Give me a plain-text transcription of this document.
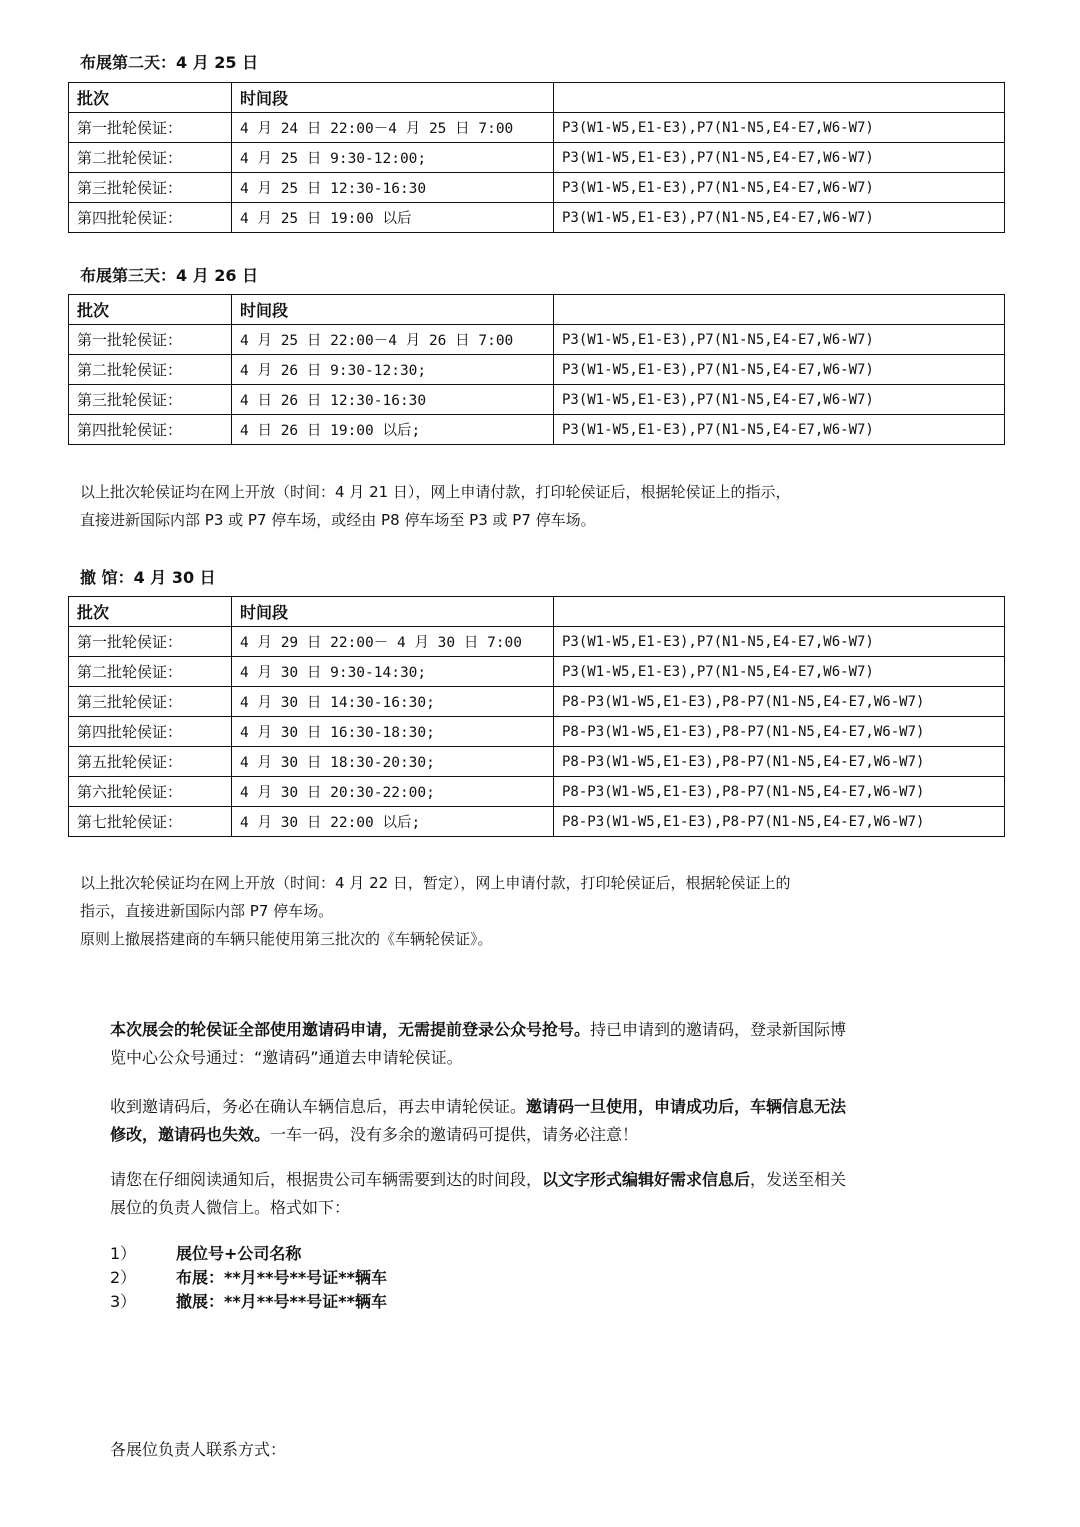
布展第二天：4 月 25 日
批次	时间段	
第一批轮侯证：	4 月 24 日 22:00－4 月 25 日 7:00	P3(W1-W5,E1-E3),P7(N1-N5,E4-E7,W6-W7)
第二批轮侯证：	4 月 25 日 9:30-12:00;	P3(W1-W5,E1-E3),P7(N1-N5,E4-E7,W6-W7)
第三批轮侯证：	4 月 25 日 12:30-16:30	P3(W1-W5,E1-E3),P7(N1-N5,E4-E7,W6-W7)
第四批轮侯证：	4 月 25 日 19:00 以后	P3(W1-W5,E1-E3),P7(N1-N5,E4-E7,W6-W7)
布展第三天：4 月 26 日
批次	时间段	
第一批轮侯证：	4 月 25 日 22:00－4 月 26 日 7:00	P3(W1-W5,E1-E3),P7(N1-N5,E4-E7,W6-W7)
第二批轮侯证：	4 月 26 日 9:30-12:30;	P3(W1-W5,E1-E3),P7(N1-N5,E4-E7,W6-W7)
第三批轮侯证：	4 日 26 日 12:30-16:30	P3(W1-W5,E1-E3),P7(N1-N5,E4-E7,W6-W7)
第四批轮侯证：	4 日 26 日 19:00 以后;	P3(W1-W5,E1-E3),P7(N1-N5,E4-E7,W6-W7)
以上批次轮侯证均在网上开放（时间：4 月 21 日），网上申请付款，打印轮侯证后，根据轮侯证上的指示，
直接进新国际内部 P3 或 P7 停车场，或经由 P8 停车场至 P3 或 P7 停车场。
撤 馆：4 月 30 日
批次	时间段	
第一批轮侯证：	4 月 29 日 22:00－ 4 月 30 日 7:00	P3(W1-W5,E1-E3),P7(N1-N5,E4-E7,W6-W7)
第二批轮侯证：	4 月 30 日 9:30-14:30;	P3(W1-W5,E1-E3),P7(N1-N5,E4-E7,W6-W7)
第三批轮侯证：	4 月 30 日 14:30-16:30;	P8-P3(W1-W5,E1-E3),P8-P7(N1-N5,E4-E7,W6-W7)
第四批轮侯证：	4 月 30 日 16:30-18:30;	P8-P3(W1-W5,E1-E3),P8-P7(N1-N5,E4-E7,W6-W7)
第五批轮侯证：	4 月 30 日 18:30-20:30;	P8-P3(W1-W5,E1-E3),P8-P7(N1-N5,E4-E7,W6-W7)
第六批轮侯证：	4 月 30 日 20:30-22:00;	P8-P3(W1-W5,E1-E3),P8-P7(N1-N5,E4-E7,W6-W7)
第七批轮侯证：	4 月 30 日 22:00 以后;	P8-P3(W1-W5,E1-E3),P8-P7(N1-N5,E4-E7,W6-W7)
以上批次轮侯证均在网上开放（时间：4 月 22 日，暂定），网上申请付款，打印轮侯证后，根据轮侯证上的
指示，直接进新国际内部 P7 停车场。
原则上撤展搭建商的车辆只能使用第三批次的《车辆轮侯证》。
本次展会的轮侯证全部使用邀请码申请，无需提前登录公众号抢号。持已申请到的邀请码，登录新国际博
览中心公众号通过：“邀请码”通道去申请轮侯证。
收到邀请码后，务必在确认车辆信息后，再去申请轮侯证。邀请码一旦使用，申请成功后，车辆信息无法
修改，邀请码也失效。一车一码，没有多余的邀请码可提供，请务必注意！
请您在仔细阅读通知后，根据贵公司车辆需要到达的时间段，以文字形式编辑好需求信息后，发送至相关
展位的负责人微信上。格式如下：
1） 展位号+公司名称
2） 布展：**月**号**号证**辆车
3） 撤展：**月**号**号证**辆车
各展位负责人联系方式：
